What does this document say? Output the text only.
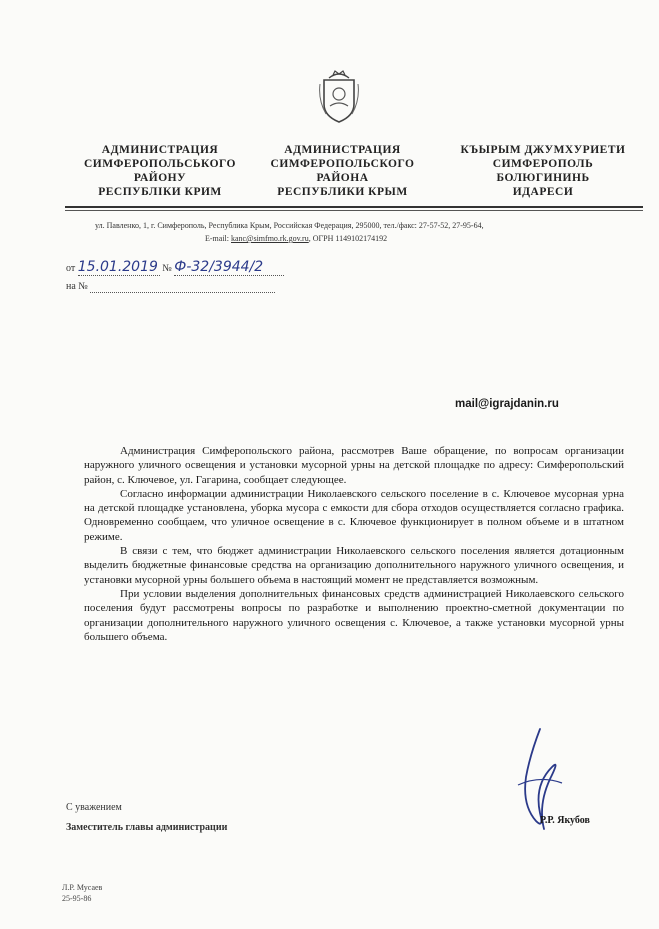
АДМИНИСТРАЦИЯ
СИМФЕРОПОЛЬСЬКОГО
РАЙОНУ
РЕСПУБЛІКИ КРИМ
АДМИНИСТРАЦИЯ
СИМФЕРОПОЛЬСКОГО
РАЙОНА
РЕСПУБЛИКИ КРЫМ
КЪЫРЫМ ДЖУМХУРИЕТИ
СИМФЕРОПОЛЬ
БОЛЮГИНИНЬ
ИДАРЕСИ
ул. Павленко, 1, г. Симферополь, Республика Крым, Российская Федерация, 295000, тел./факс: 27-57-52, 27-95-64,
E-mail: kanc@simfmo.rk.gov.ru, ОГРН 1149102174192
от 15.01.2019 № Ф-32/3944/2
на №
mail@igrajdanin.ru

Администрация Симферопольского района, рассмотрев Ваше обращение, по вопросам организации наружного уличного освещения и установки мусорной урны на детской площадке по адресу: Симферопольский район, с. Ключевое, ул. Гагарина, сообщает следующее.

Согласно информации администрации Николаевского сельского поселение в с. Ключевое мусорная урна на детской площадке установлена, уборка мусора с емкости для сбора отходов осуществляется согласно графика. Одновременно сообщаем, что уличное освещение в с. Ключевое функционирует в полном объеме и в штатном режиме.

В связи с тем, что бюджет администрации Николаевского сельского поселения является дотационным выделить бюджетные финансовые средства на организацию дополнительного наружного уличного освещения, и установки мусорной урны большего объема в настоящий момент не представляется возможным.

При условии выделения дополнительных финансовых средств администрацией Николаевского сельского поселения будут рассмотрены вопросы по разработке и выполнению проектно-сметной документации по организации дополнительного наружного уличного освещения с. Ключевое, а также установки мусорной урны большего объема.

С уважением
Заместитель главы администрации
Р.Р. Якубов
Л.Р. Мусаев
25-95-86
